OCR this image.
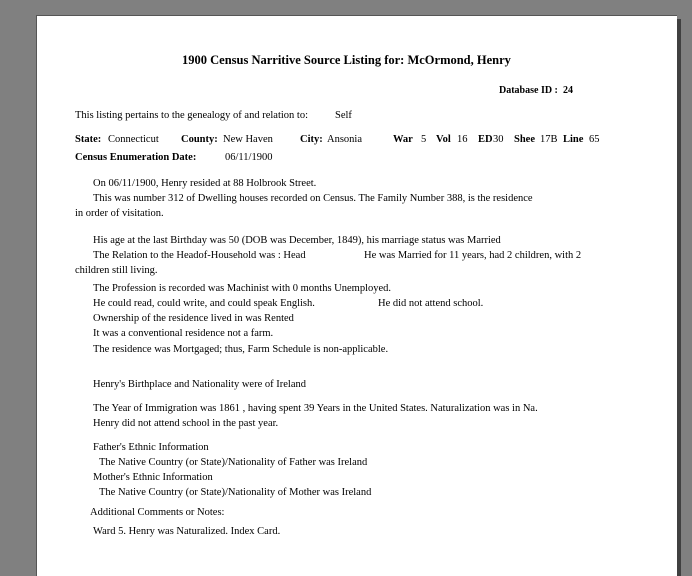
1900 Census Narritive Source Listing for: McOrmond, Henry
Database ID : 24
This listing pertains to the genealogy of and relation to:	Self
State: Connecticut County: New Haven	City: Ansonia	War 5 Vol 16 ED 30 Shee 17B Line 65
Census Enumeration Date:	06/11/1900
On 06/11/1900, Henry resided at 88 Holbrook Street.
This was number 312 of Dwelling houses recorded on Census. The Family Number 388, is the residence
in order of visitation.
His age at the last Birthday was 50 (DOB was December, 1849), his marriage status was Married
The Relation to the Headof-Household was : Head	He was Married for 11 years, had 2 children, with 2
children still living.
The Profession is recorded was Machinist with 0 months Unemployed.
He could read, could write, and could speak English.	He did not attend school.
Ownership of the residence lived in was Rented
It was a conventional residence not a farm.
The residence was Mortgaged; thus, Farm Schedule is non-applicable.
Henry's Birthplace and Nationality were of Ireland
The Year of Immigration was 1861 , having spent 39 Years in the United States. Naturalization was in Na.
Henry did not attend school in the past year.
Father's Ethnic Information
The Native Country (or State)/Nationality of Father was Ireland
Mother's Ethnic Information
The Native Country (or State)/Nationality of Mother was Ireland
Additional Comments or Notes:
Ward 5. Henry was Naturalized. Index Card.
